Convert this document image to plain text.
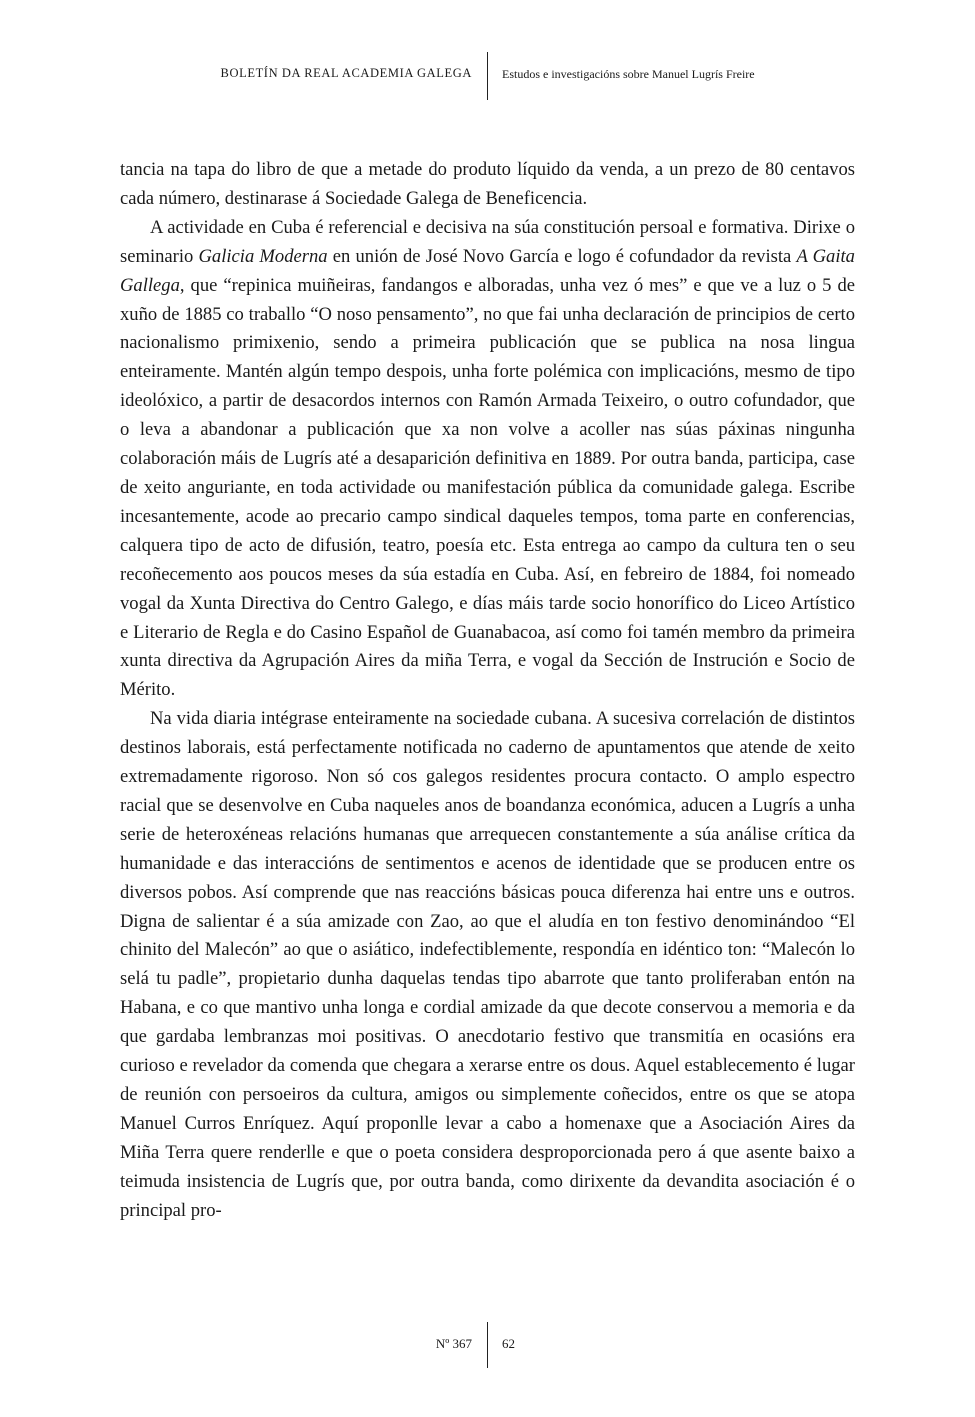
BOLETÍN DA REAL ACADEMIA GALEGA	Estudos e investigacións sobre Manuel Lugrís Freire

tancia na tapa do libro de que a metade do produto líquido da venda, a un prezo de 80 centavos cada número, destinarase á Sociedade Galega de Beneficencia.

A actividade en Cuba é referencial e decisiva na súa constitución persoal e formativa. Dirixe o seminario Galicia Moderna en unión de José Novo García e logo é cofundador da revista A Gaita Gallega, que “repinica muiñeiras, fandangos e alboradas, unha vez ó mes” e que ve a luz o 5 de xuño de 1885 co traballo “O noso pensamento”, no que fai unha declaración de principios de certo nacionalismo primixenio, sendo a primeira publicación que se publica na nosa lingua enteiramente. Mantén algún tempo despois, unha forte polémica con implicacións, mesmo de tipo ideolóxico, a partir de desacordos internos con Ramón Armada Teixeiro, o outro cofundador, que o leva a abandonar a publicación que xa non volve a acoller nas súas páxinas ningunha colaboración máis de Lugrís até a desaparición definitiva en 1889. Por outra banda, participa, case de xeito anguriante, en toda actividade ou manifestación pública da comunidade galega. Escribe incesantemente, acode ao precario campo sindical daqueles tempos, toma parte en conferencias, calquera tipo de acto de difusión, teatro, poesía etc. Esta entrega ao campo da cultura ten o seu recoñecemento aos poucos meses da súa estadía en Cuba. Así, en febreiro de 1884, foi nomeado vogal da Xunta Directiva do Centro Galego, e días máis tarde socio honorífico do Liceo Artístico e Literario de Regla e do Casino Español de Guanabacoa, así como foi tamén membro da primeira xunta directiva da Agrupación Aires da miña Terra, e vogal da Sección de Instrución e Socio de Mérito.

Na vida diaria intégrase enteiramente na sociedade cubana. A sucesiva correlación de distintos destinos laborais, está perfectamente notificada no caderno de apuntamentos que atende de xeito extremadamente rigoroso. Non só cos galegos residentes procura contacto. O amplo espectro racial que se desenvolve en Cuba naqueles anos de boandanza económica, aducen a Lugrís a unha serie de heteroxéneas relacións humanas que arrequecen constantemente a súa análise crítica da humanidade e das interaccións de sentimentos e acenos de identidade que se producen entre os diversos pobos. Así comprende que nas reaccións básicas pouca diferenza hai entre uns e outros. Digna de salientar é a súa amizade con Zao, ao que el aludía en ton festivo denominándoo “El chinito del Malecón” ao que o asiático, indefectiblemente, respondía en idéntico ton: “Malecón lo selá tu padle”, propietario dunha daquelas tendas tipo abarrote que tanto proliferaban entón na Habana, e co que mantivo unha longa e cordial amizade da que decote conservou a memoria e da que gardaba lembranzas moi positivas. O anecdotario festivo que transmitía en ocasións era curioso e revelador da comenda que chegara a xerarse entre os dous. Aquel establecemento é lugar de reunión con persoeiros da cultura, amigos ou simplemente coñecidos, entre os que se atopa Manuel Curros Enríquez. Aquí proponlle levar a cabo a homenaxe que a Asociación Aires da Miña Terra quere renderlle e que o poeta considera desproporcionada pero á que asente baixo a teimuda insistencia de Lugrís que, por outra banda, como dirixente da devandita asociación é o principal pro-

Nº 367 62
